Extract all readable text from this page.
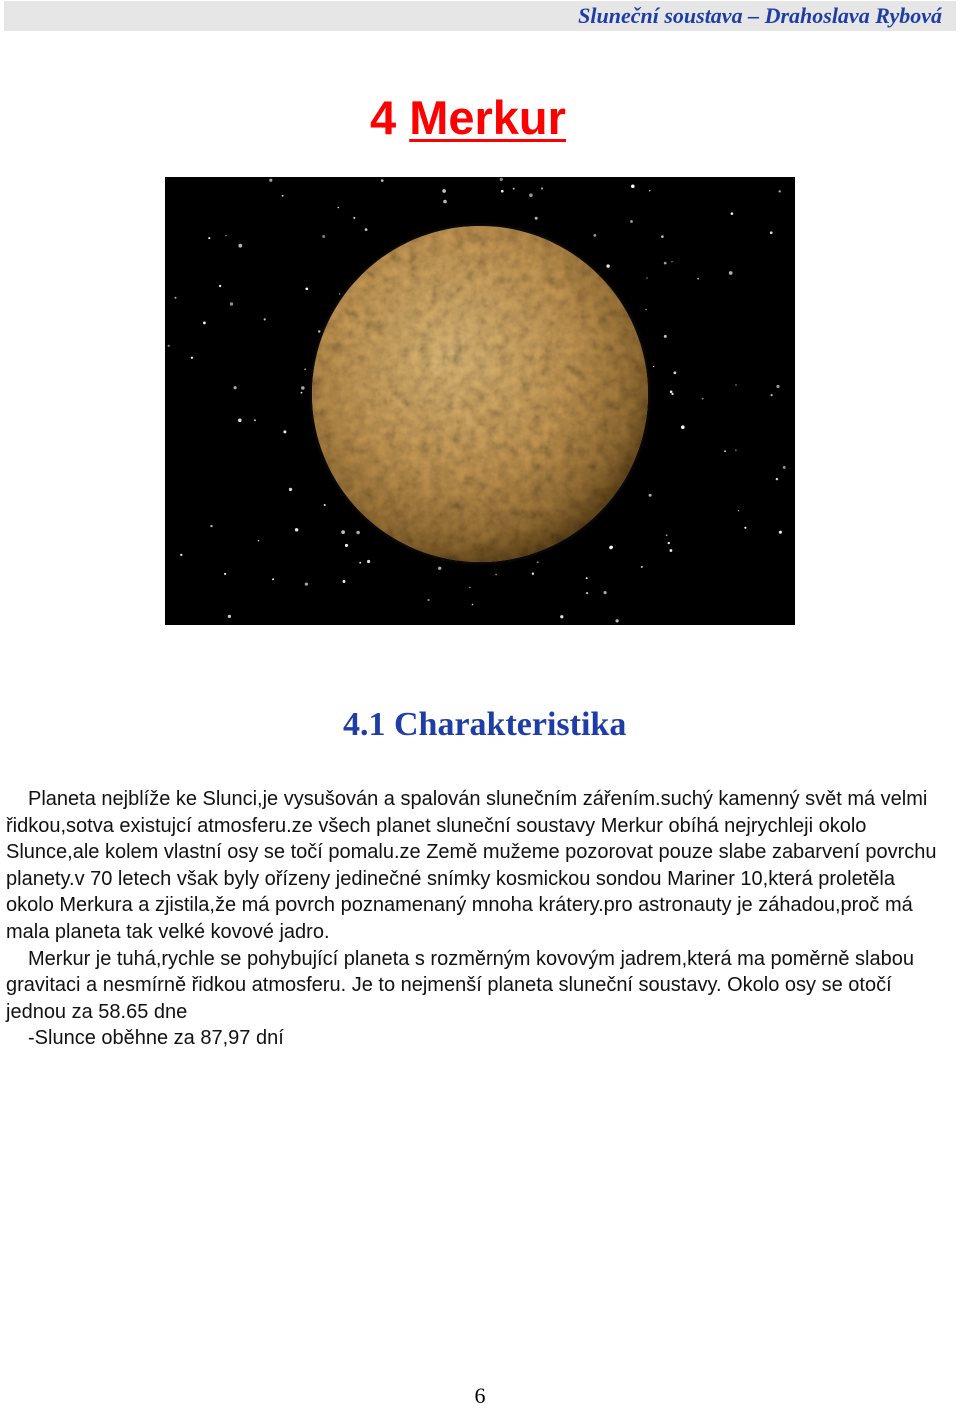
Sluneční soustava – Drahoslava Rybová
4 Merkur
4.1 Charakteristika

Planeta nejblíže ke Slunci,je vysušován a spalován slunečním zářením.suchý kamenný svět má velmi řidkou,sotva existujcí atmosferu.ze všech planet sluneční soustavy Merkur obíhá nejrychleji okolo Slunce,ale kolem vlastní osy se točí pomalu.ze Země mužeme pozorovat pouze slabe zabarvení povrchu planety.v 70 letech však byly ořízeny jedinečné snímky kosmickou sondou Mariner 10,která proletěla okolo Merkura a zjistila,že má povrch poznamenaný mnoha krátery.pro astronauty je záhadou,proč má mala planeta tak velké kovové jadro.

Merkur je tuhá,rychle se pohybující planeta s rozměrným kovovým jadrem,která ma poměrně slabou gravitaci a nesmírně řidkou atmosferu. Je to nejmenší planeta sluneční soustavy. Okolo osy se otočí jednou za 58.65 dne

-Slunce oběhne za 87,97 dní

6
